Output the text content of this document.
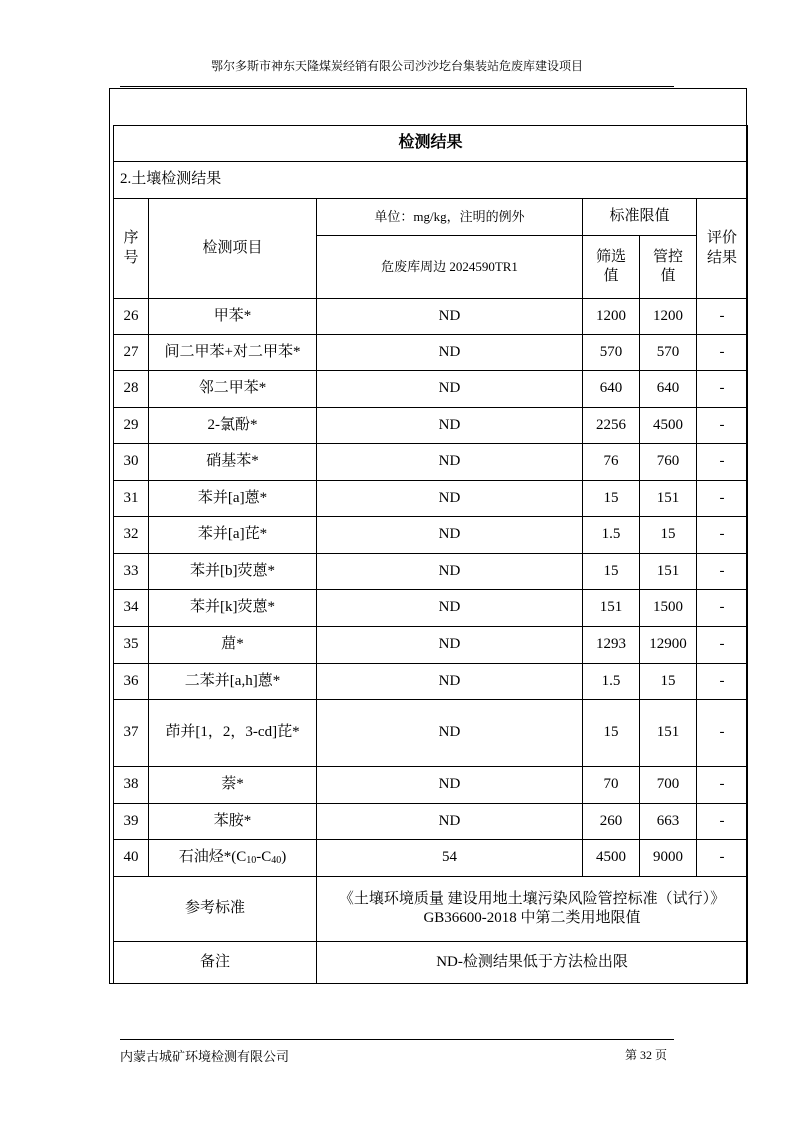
鄂尔多斯市神东天隆煤炭经销有限公司沙沙圪台集装站危废库建设项目
检测结果					
2.土壤检测结果					
序号	检测项目	单位：mg/kg，注明的例外	标准限值		评价结果
		危废库周边 2024590TR1	筛选值	管控值	
26	甲苯*	ND	1200	1200	-
27	间二甲苯+对二甲苯*	ND	570	570	-
28	邻二甲苯*	ND	640	640	-
29	2-氯酚*	ND	2256	4500	-
30	硝基苯*	ND	76	760	-
31	苯并[a]蒽*	ND	15	151	-
32	苯并[a]芘*	ND	1.5	15	-
33	苯并[b]荧蒽*	ND	15	151	-
34	苯并[k]荧蒽*	ND	151	1500	-
35	䓛*	ND	1293	12900	-
36	二苯并[a,h]蒽*	ND	1.5	15	-
37	茚并[1，2，3-cd]芘*	ND	15	151	-
38	萘*	ND	70	700	-
39	苯胺*	ND	260	663	-
40	石油烃$*(C_{10}-C_{40})$	54	4500	9000	-
参考标准		《土壤环境质量 建设用地土壤污染风险管控标准（试行）》
GB36600-2018 中第二类用地限值			

备注		ND-检测结果低于方法检出限			
内蒙古城矿环境检测有限公司	第 32 页
